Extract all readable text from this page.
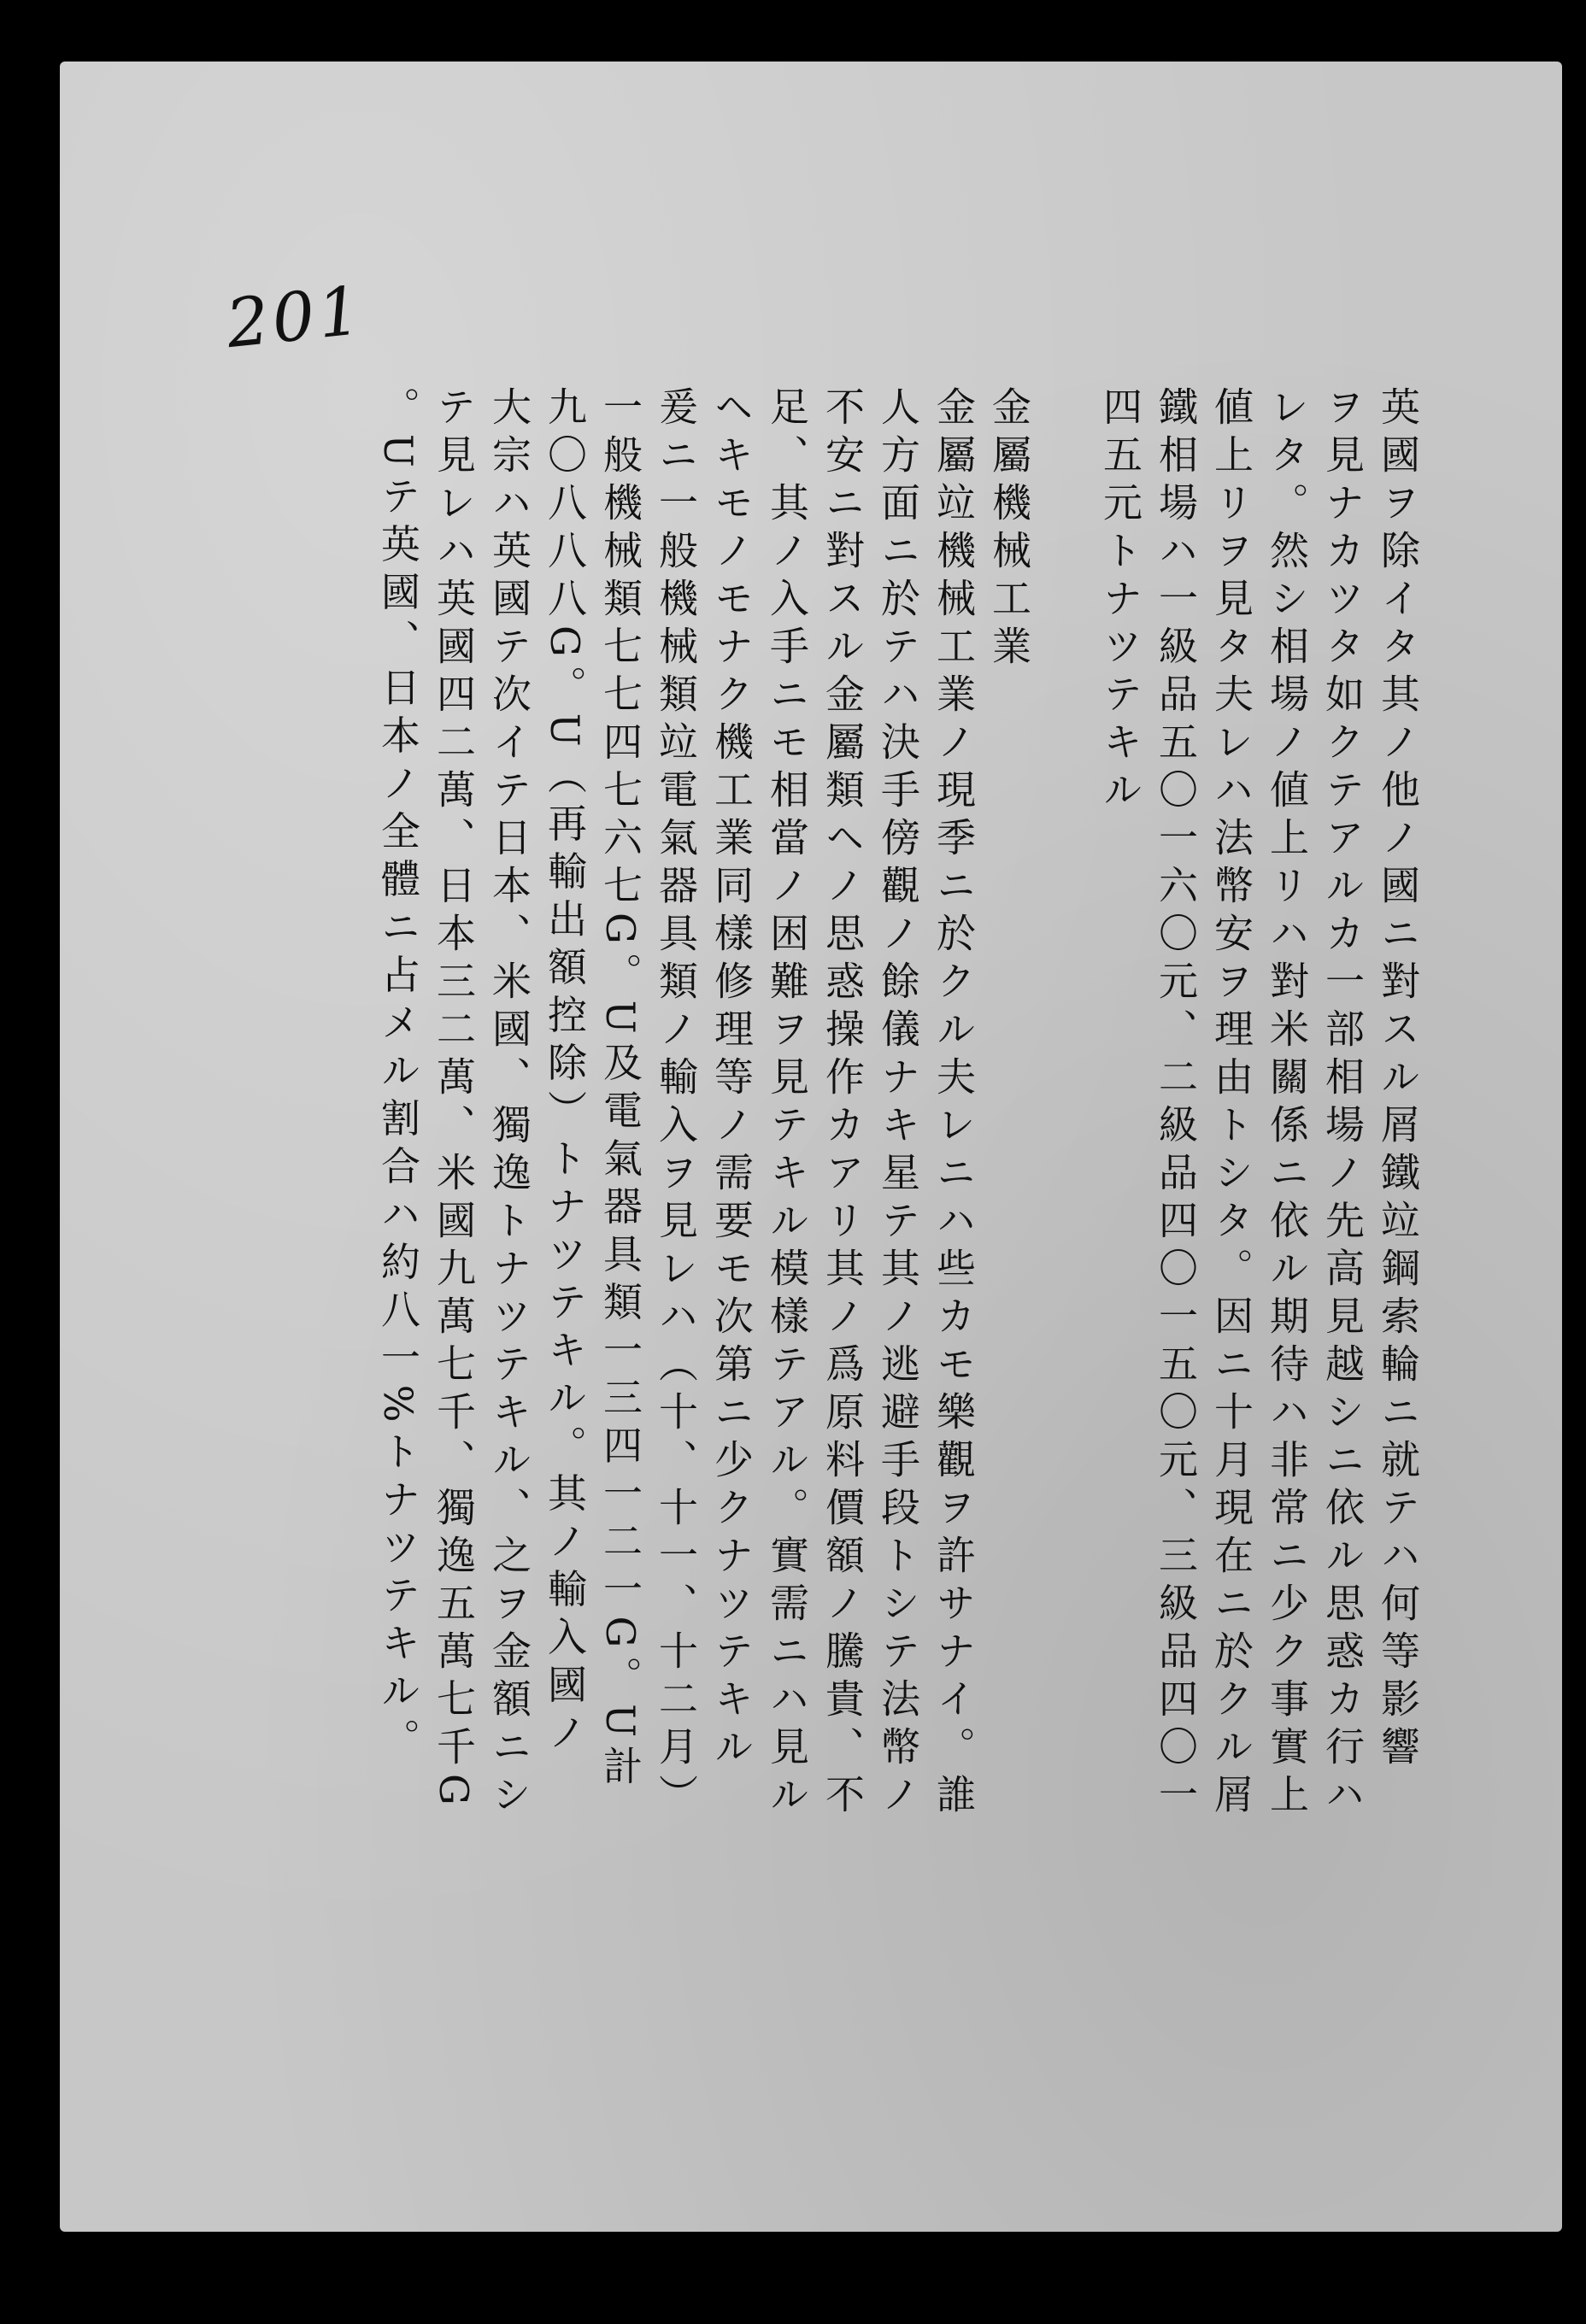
201
英國ヲ除イタ其ノ他ノ國ニ對スル屑鐵竝鋼索輪ニ就テハ何等影響
ヲ見ナカツタ如クテアルカ一部相場ノ先高見越シニ依ル思惑カ行ハ
レタ。然シ相場ノ値上リハ對米關係ニ依ル期待ハ非常ニ少ク事實上
値上リヲ見タ夫レハ法幣安ヲ理由トシタ。因ニ十月現在ニ於クル屑
鐵相場ハ一級品五〇一六〇元、二級品四〇一五〇元、三級品四〇一
四五元トナツテキル
金屬機械工業
金屬竝機械工業ノ現季ニ於クル夫レニハ些カモ樂觀ヲ許サナイ。誰
人方面ニ於テハ決手傍觀ノ餘儀ナキ星テ其ノ逃避手段トシテ法幣ノ
不安ニ對スル金屬類ヘノ思惑操作カアリ其ノ爲原料價額ノ騰貴、不
足、其ノ入手ニモ相當ノ困難ヲ見テキル模樣テアル。實需ニハ見ル
ヘキモノモナク機工業同樣修理等ノ需要モ次第ニ少クナツテキル
爰ニ一般機械類竝電氣器具類ノ輸入ヲ見レハ（十、十一、十二月）
一般機械類七七四七六七G。U及電氣器具類一三四一二一G。U計
九〇八八八G。U（再輸出額控除）トナツテキル。其ノ輸入國ノ
大宗ハ英國テ次イテ日本、米國、獨逸トナツテキル、之ヲ金額ニシ
テ見レハ英國四二萬、日本三二萬、米國九萬七千、獨逸五萬七千G
。Uテ英國、日本ノ全體ニ占メル割合ハ約八一%トナツテキル。
